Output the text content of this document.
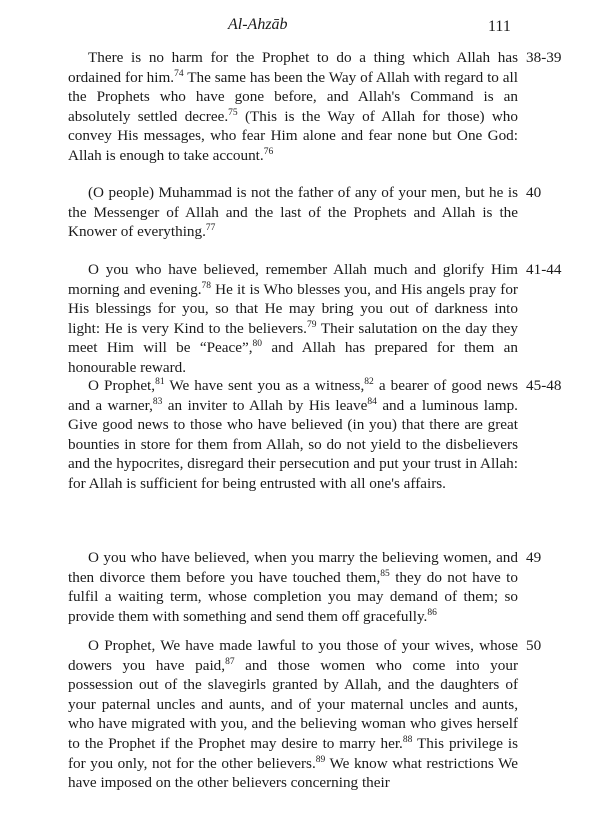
Al-Ahzāb	111

There is no harm for the Prophet to do a thing which Allah has ordained for him.$^{74}$ The same has been the Way of Allah with regard to all the Prophets who have gone before, and Allah's Command is an absolutely settled decree.$^{75}$ (This is the Way of Allah for those) who convey His messages, who fear Him alone and fear none but One God: Allah is enough to take account.$^{76}$

38-39

(O people) Muhammad is not the father of any of your men, but he is the Messenger of Allah and the last of the Prophets and Allah is the Knower of everything.$^{77}$

40

O you who have believed, remember Allah much and glorify Him morning and evening.$^{78}$ He it is Who blesses you, and His angels pray for His blessings for you, so that He may bring you out of darkness into light: He is very Kind to the believers.$^{79}$ Their salutation on the day they meet Him will be “Peace”,$^{80}$ and Allah has prepared for them an honourable reward.

41-44

O Prophet,$^{81}$ We have sent you as a witness,$^{82}$ a bearer of good news and a warner,$^{83}$ an inviter to Allah by His leave$^{84}$ and a luminous lamp. Give good news to those who have believed (in you) that there are great bounties in store for them from Allah, so do not yield to the disbelievers and the hypocrites, disregard their persecution and put your trust in Allah: for Allah is sufficient for being entrusted with all one's affairs.

45-48

O you who have believed, when you marry the believing women, and then divorce them before you have touched them,$^{85}$ they do not have to fulfil a waiting term, whose completion you may demand of them; so provide them with something and send them off gracefully.$^{86}$

49

O Prophet, We have made lawful to you those of your wives, whose dowers you have paid,$^{87}$ and those women who come into your possession out of the slavegirls granted by Allah, and the daughters of your paternal uncles and aunts, and of your maternal uncles and aunts, who have migrated with you, and the believing woman who gives herself to the Prophet if the Prophet may desire to marry her.$^{88}$ This privilege is for you only, not for the other believers.$^{89}$ We know what restrictions We have imposed on the other believers concerning their

50
